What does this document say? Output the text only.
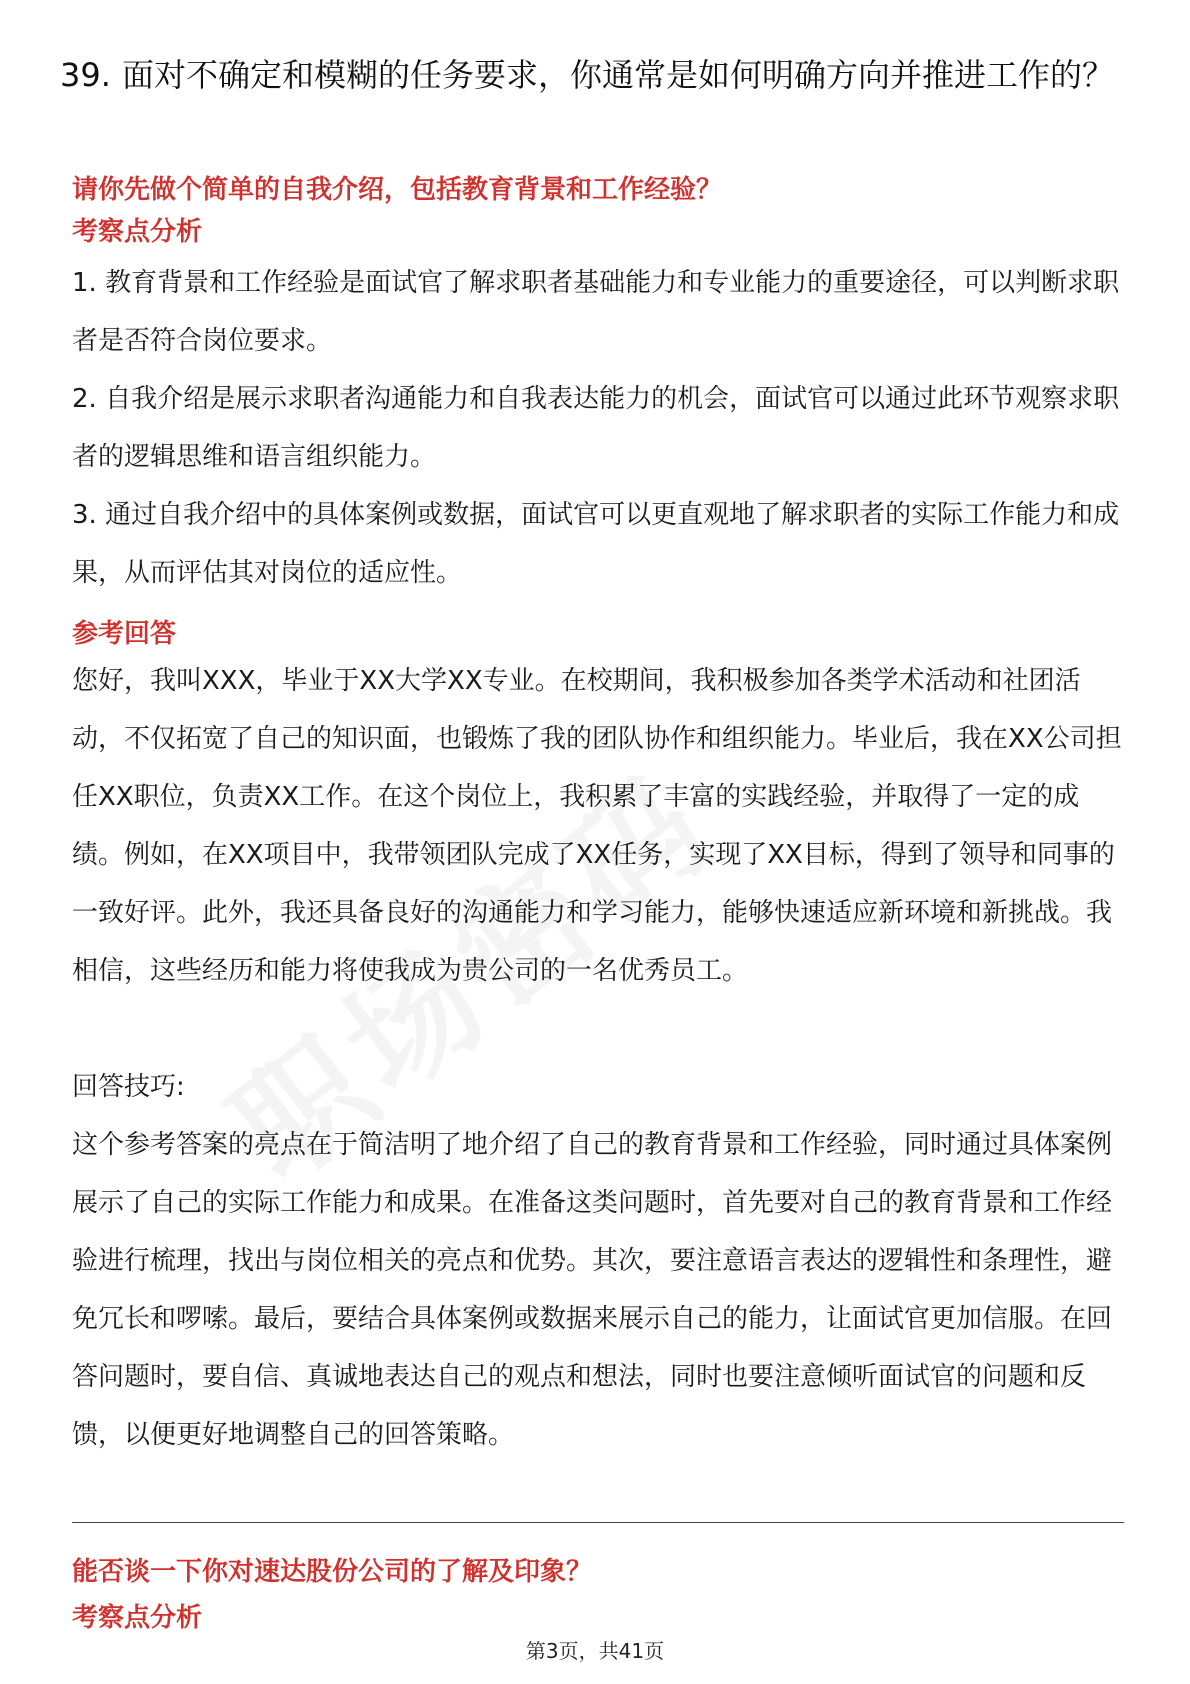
39. 面对不确定和模糊的任务要求，你通常是如何明确方向并推进工作的？
请你先做个简单的自我介绍，包括教育背景和工作经验？
考察点分析
1. 教育背景和工作经验是面试官了解求职者基础能力和专业能力的重要途径，可以判断求职者是否符合岗位要求。
2. 自我介绍是展示求职者沟通能力和自我表达能力的机会，面试官可以通过此环节观察求职者的逻辑思维和语言组织能力。
3. 通过自我介绍中的具体案例或数据，面试官可以更直观地了解求职者的实际工作能力和成果，从而评估其对岗位的适应性。
参考回答
您好，我叫XXX，毕业于XX大学XX专业。在校期间，我积极参加各类学术活动和社团活动，不仅拓宽了自己的知识面，也锻炼了我的团队协作和组织能力。毕业后，我在XX公司担任XX职位，负责XX工作。在这个岗位上，我积累了丰富的实践经验，并取得了一定的成绩。例如，在XX项目中，我带领团队完成了XX任务，实现了XX目标，得到了领导和同事的一致好评。此外，我还具备良好的沟通能力和学习能力，能够快速适应新环境和新挑战。我相信，这些经历和能力将使我成为贵公司的一名优秀员工。
回答技巧:
这个参考答案的亮点在于简洁明了地介绍了自己的教育背景和工作经验，同时通过具体案例展示了自己的实际工作能力和成果。在准备这类问题时，首先要对自己的教育背景和工作经验进行梳理，找出与岗位相关的亮点和优势。其次，要注意语言表达的逻辑性和条理性，避免冗长和啰嗦。最后，要结合具体案例或数据来展示自己的能力，让面试官更加信服。在回答问题时，要自信、真诚地表达自己的观点和想法，同时也要注意倾听面试官的问题和反馈，以便更好地调整自己的回答策略。
能否谈一下你对速达股份公司的了解及印象？
考察点分析
第3页，共41页
